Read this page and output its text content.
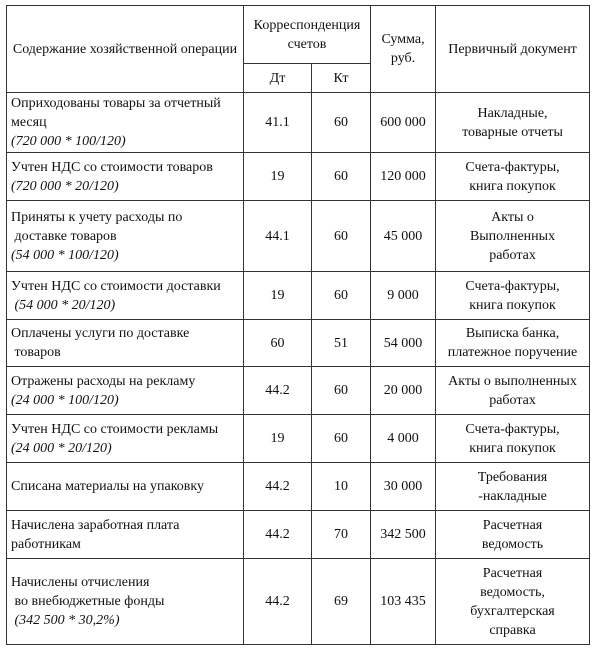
Содержание хозяйственной операции	Корреспонденция счетов		Сумма, руб.	Первичный документ
	Дт	Кт		

Оприходованы товары за отчетный
месяц
(720 000 * 100/120)	41.1	60	600 000	Накладные,
товарные отчеты

Учтен НДС со стоимости товаров
(720 000 * 20/120)	19	60	120 000	Счета-фактуры,
книга покупок

Приняты к учету расходы по
доставке товаров
(54 000 * 100/120)	44.1	60	45 000	Акты о
Выполненных
работах

Учтен НДС со стоимости доставки
(54 000 * 20/120)	19	60	9 000	Счета-фактуры,
книга покупок

Оплачены услуги по доставке
товаров	60	51	54 000	Выписка банка,
платежное поручение

Отражены расходы на рекламу
(24 000 * 100/120)	44.2	60	20 000	Акты о выполненных
работах

Учтен НДС со стоимости рекламы
(24 000 * 20/120)	19	60	4 000	Счета-фактуры,
книга покупок

Списана материалы на упаковку	44.2	10	30 000	Требования
-накладные

Начислена заработная плата
работникам	44.2	70	342 500	Расчетная
ведомость

Начислены отчисления
во внебюджетные фонды
(342 500 * 30,2%)	44.2	69	103 435	Расчетная
ведомость,
бухгалтерская
справка
